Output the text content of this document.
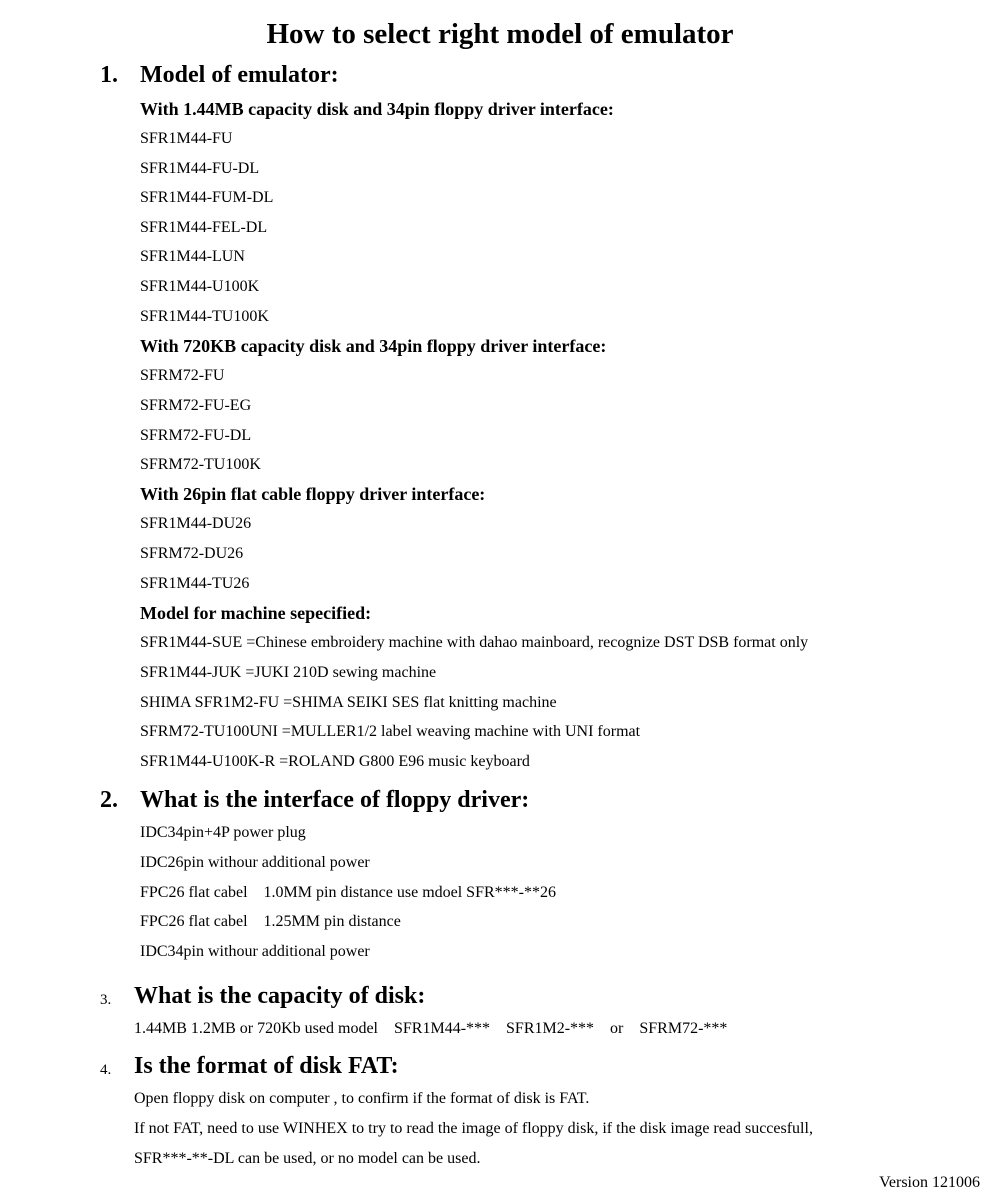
How to select right model of emulator
1. Model of emulator:
With 1.44MB capacity disk and 34pin floppy driver interface:
SFR1M44-FU
SFR1M44-FU-DL
SFR1M44-FUM-DL
SFR1M44-FEL-DL
SFR1M44-LUN
SFR1M44-U100K
SFR1M44-TU100K
With 720KB capacity disk and 34pin floppy driver interface:
SFRM72-FU
SFRM72-FU-EG
SFRM72-FU-DL
SFRM72-TU100K
With 26pin flat cable floppy driver interface:
SFR1M44-DU26
SFRM72-DU26
SFR1M44-TU26
Model for machine sepecified:
SFR1M44-SUE =Chinese embroidery machine with dahao mainboard, recognize DST DSB format only
SFR1M44-JUK =JUKI 210D sewing machine
SHIMA SFR1M2-FU =SHIMA SEIKI SES flat knitting machine
SFRM72-TU100UNI =MULLER1/2 label weaving machine with UNI format
SFR1M44-U100K-R =ROLAND G800 E96 music keyboard
2. What is the interface of floppy driver:
IDC34pin+4P power plug
IDC26pin withour additional power
FPC26 flat cabel    1.0MM pin distance use mdoel SFR***-**26
FPC26 flat cabel    1.25MM pin distance
IDC34pin withour additional power
3. What is the capacity of disk:
1.44MB 1.2MB or 720Kb used model    SFR1M44-***    SFR1M2-***    or    SFRM72-***
4. Is the format of disk FAT:
Open floppy disk on computer , to confirm if the format of disk is FAT.
If not FAT, need to use WINHEX to try to read the image of floppy disk, if the disk image read succesfull,
SFR***-**-DL can be used, or no model can be used.
Version 121006
